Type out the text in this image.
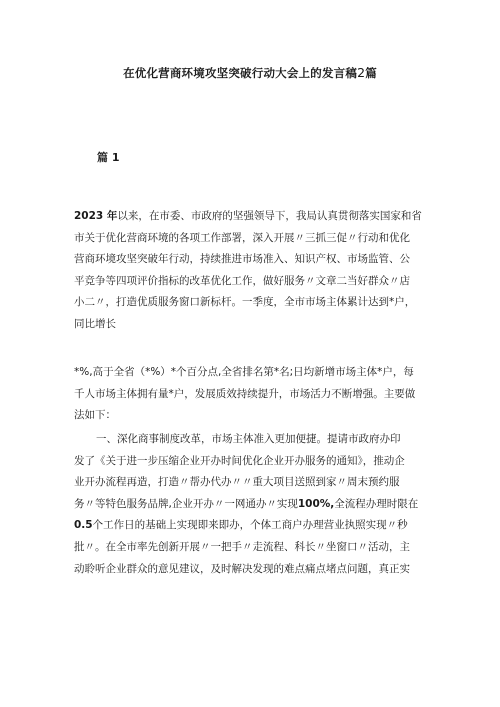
在优化营商环境攻坚突破行动大会上的发言稿2篇
篇 1
2023 年以来，在市委、市政府的坚强领导下，我局认真贯彻落实国家和省
市关于优化营商环境的各项工作部署，深入开展〃三抓三促〃行动和优化
营商环境攻坚突破年行动，持续推进市场准入、知识产权、市场监管、公
平竞争等四项评价指标的改革优化工作，做好服务〃文章二当好群众〃店
小二〃，打造优质服务窗口新标杆。一季度，全市市场主体累计达到*户，
同比增长
*%,高于全省（*%）*个百分点,全省排名第*名;日均新增市场主体*户，每
千人市场主体拥有量*户，发展质效持续提升，市场活力不断增强。主要做
法如下：
一、深化商事制度改革，市场主体准入更加便捷。提请市政府办印
发了《关于进一步压缩企业开办时间优化企业开办服务的通知》，推动企
业开办流程再造，打造〃帮办代办〃〃重大项目送照到家〃周末预约服
务〃等特色服务品牌,企业开办〃一网通办〃实现100%,全流程办理时限在
0.5个工作日的基础上实现即来即办，个体工商户办理营业执照实现〃秒
批〃。在全市率先创新开展〃一把手〃走流程、科长〃坐窗口〃活动，主
动聆听企业群众的意见建议，及时解决发现的难点痛点堵点问题，真正实
